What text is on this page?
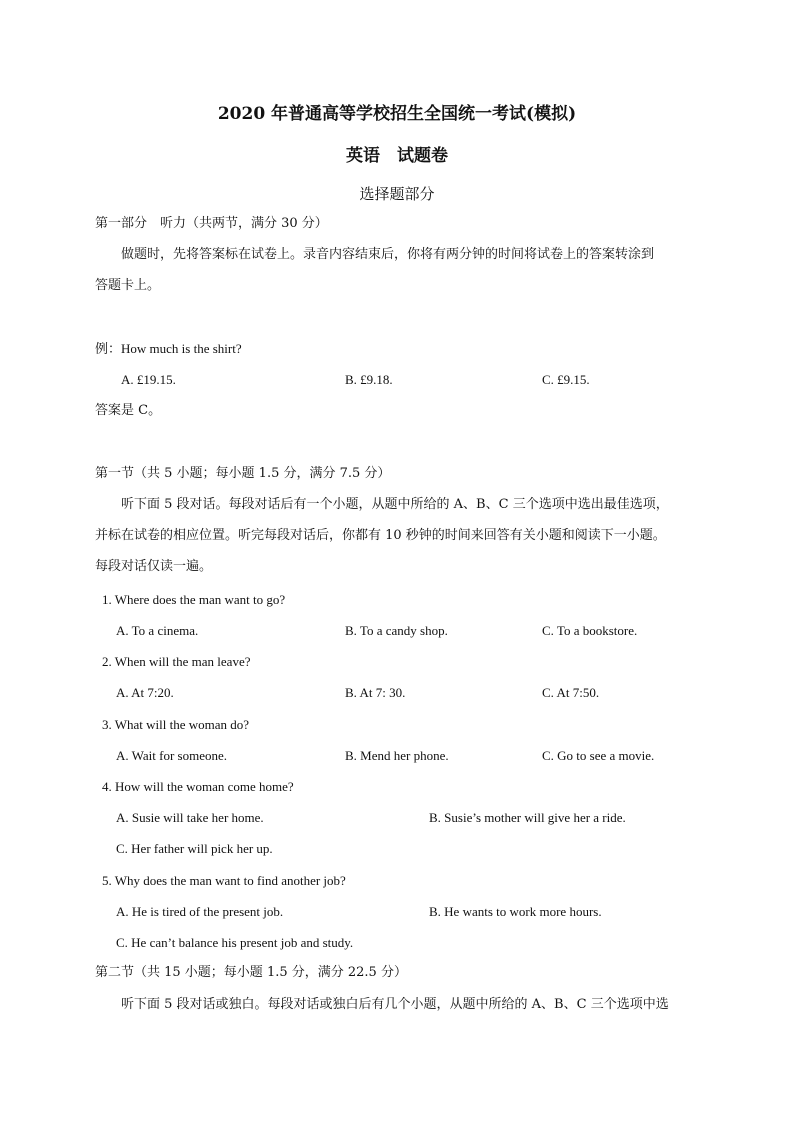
2020 年普通高等学校招生全国统一考试(模拟)
英语　试题卷
选择题部分
第一部分　听力（共两节，满分 30 分）
做题时，先将答案标在试卷上。录音内容结束后，你将有两分钟的时间将试卷上的答案转涂到
答题卡上。
例：How much is the shirt?
A. £19.15.	B. £9.18.	C. £9.15.
答案是 C。
第一节（共 5 小题；每小题 1.5 分，满分 7.5 分）
听下面 5 段对话。每段对话后有一个小题，从题中所给的 A、B、C 三个选项中选出最佳选项，
并标在试卷的相应位置。听完每段对话后，你都有 10 秒钟的时间来回答有关小题和阅读下一小题。
每段对话仅读一遍。
1. Where does the man want to go?
A. To a cinema.	B. To a candy shop.	C. To a bookstore.
2. When will the man leave?
A. At 7:20.	B. At 7: 30.	C. At 7:50.
3. What will the woman do?
A. Wait for someone.	B. Mend her phone.	C. Go to see a movie.
4. How will the woman come home?
A. Susie will take her home.	B. Susie’s mother will give her a ride.
C. Her father will pick her up.
5. Why does the man want to find another job?
A. He is tired of the present job.	B. He wants to work more hours.
C. He can’t balance his present job and study.
第二节（共 15 小题；每小题 1.5 分，满分 22.5 分）
听下面 5 段对话或独白。每段对话或独白后有几个小题，从题中所给的 A、B、C 三个选项中选
